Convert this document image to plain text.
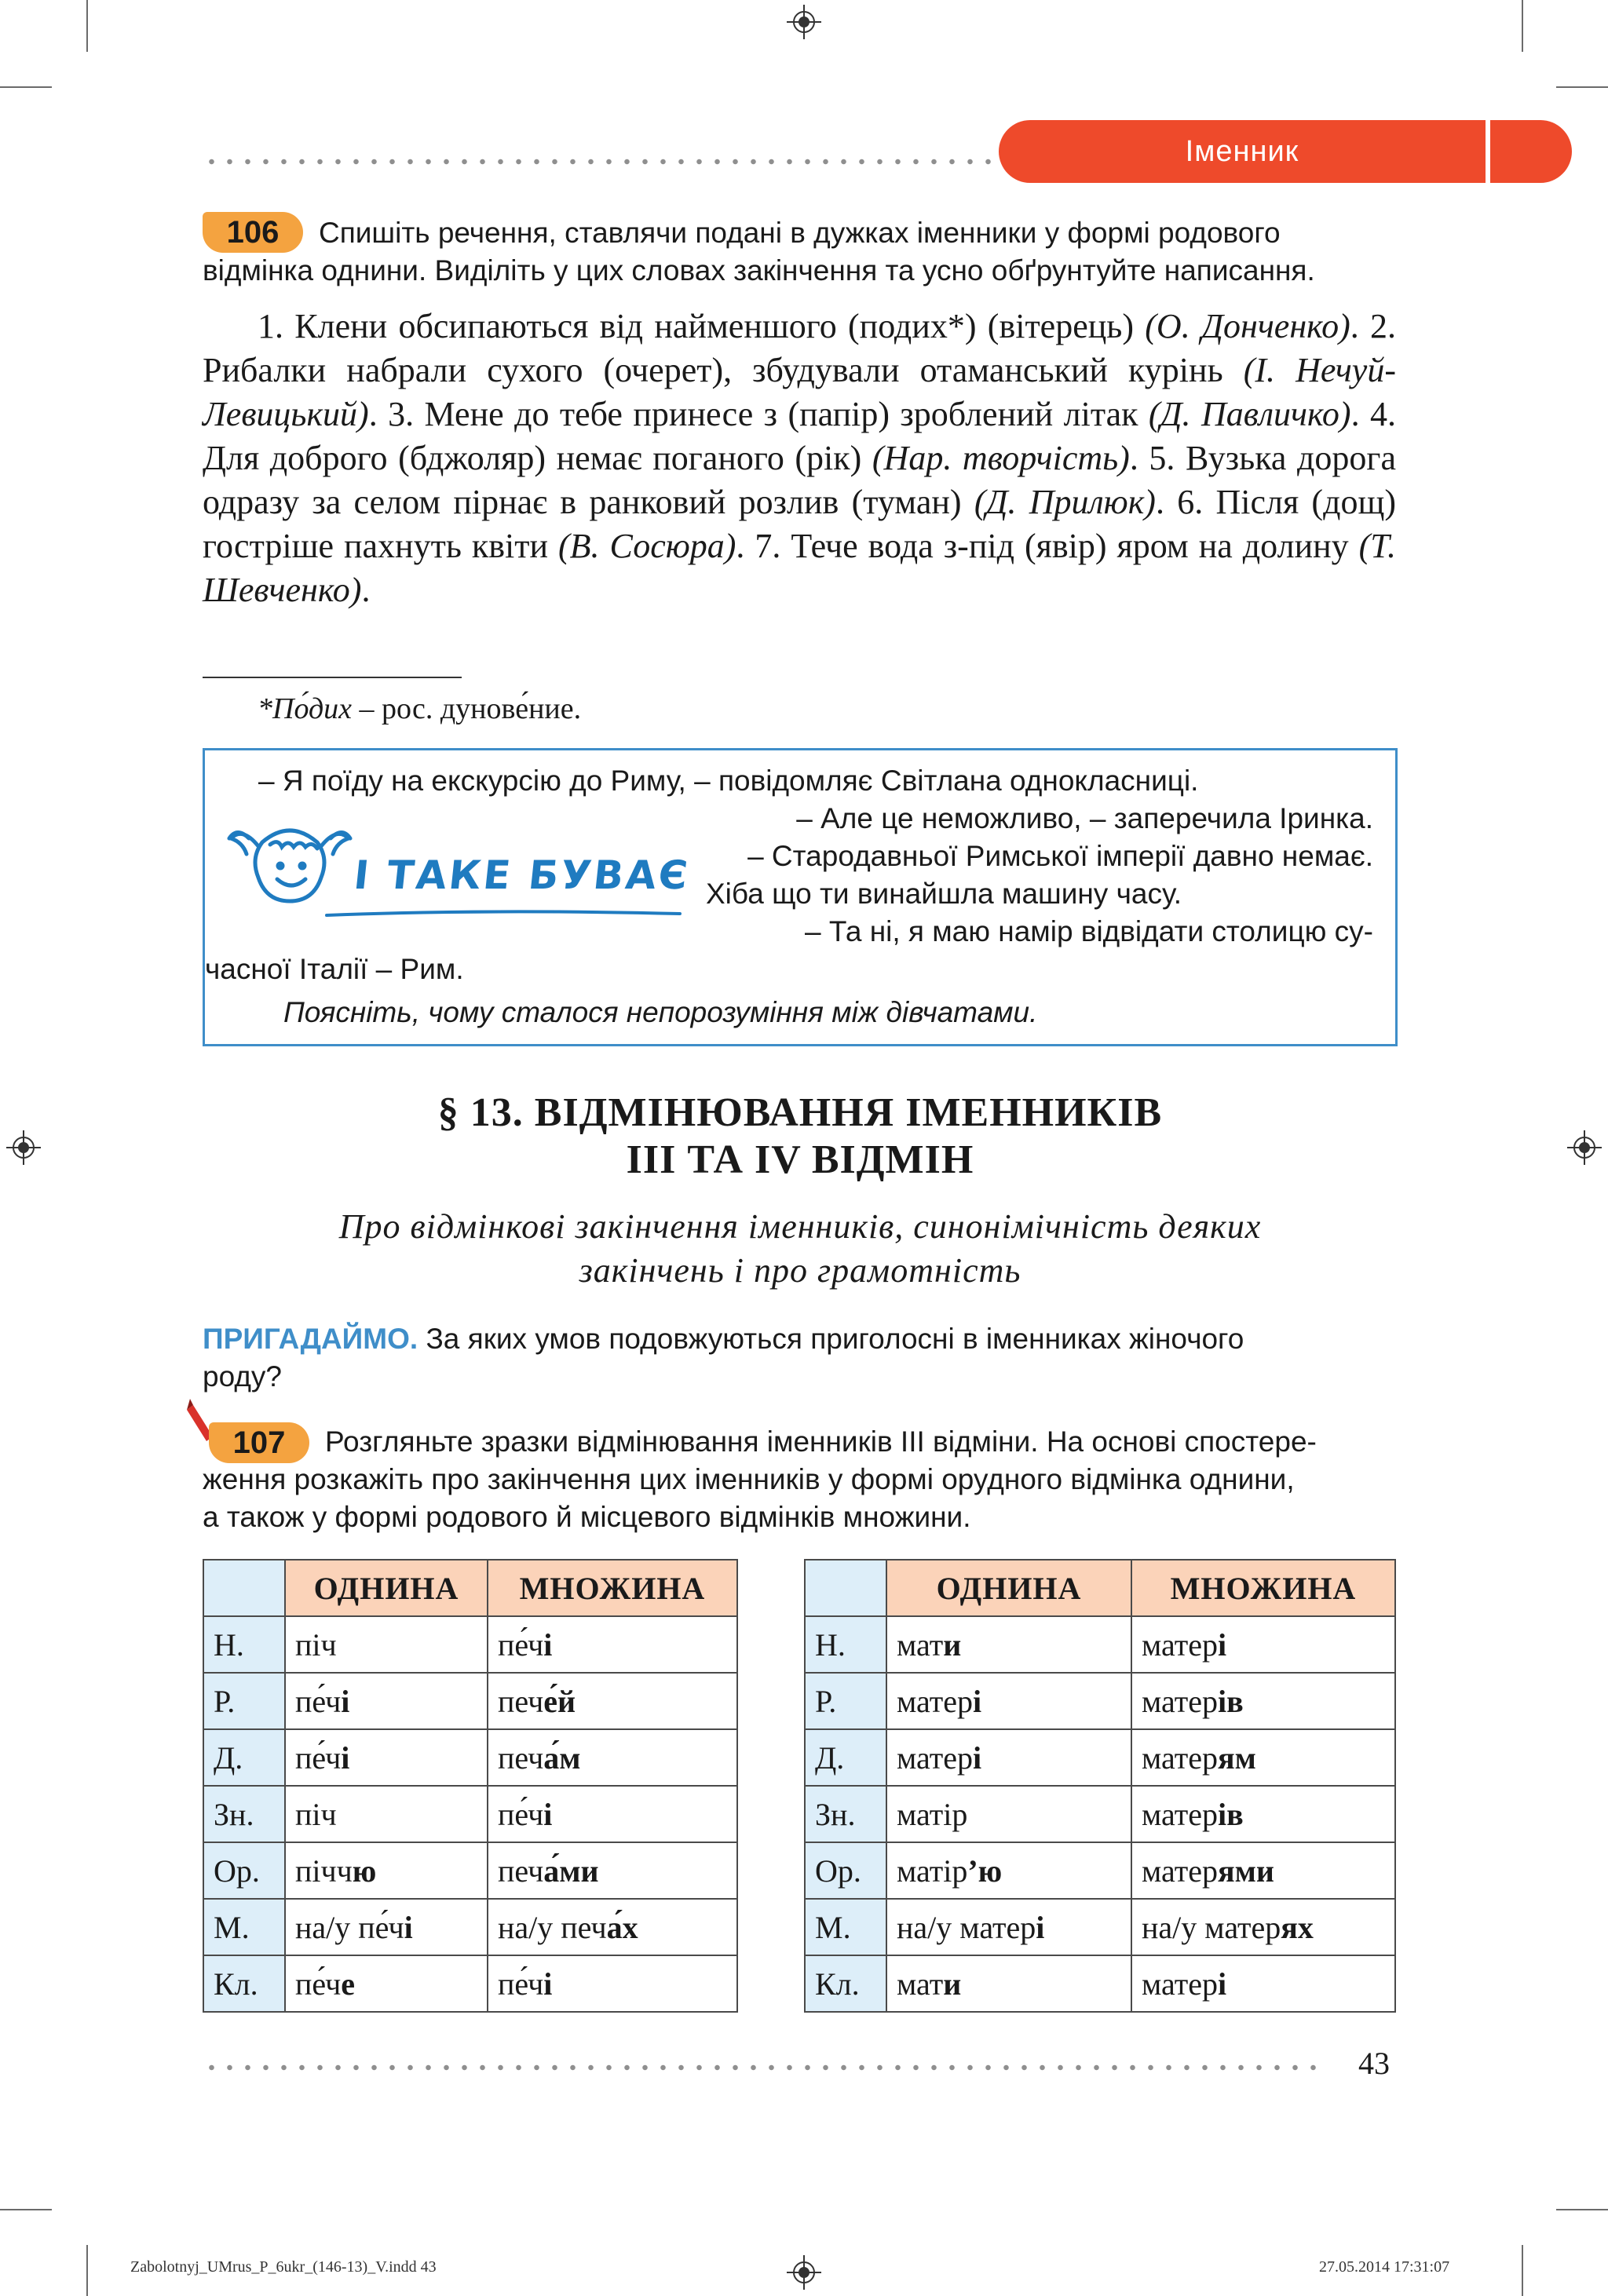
Іменник
106 Спишіть речення, ставлячи подані в дужках іменники у формі родового
відмінка однини. Виділіть у цих словах закінчення та усно обґрунтуйте написання.

1. Клени обсипаються від найменшого (подих*) (вітерець) (О. Донченко). 2. Рибалки набрали сухого (очерет), збудували отаманський курінь (І. Нечуй-Левицький). 3. Мене до тебе принесе з (папір) зроблений літак (Д. Павличко). 4. Для доброго (бджоляр) немає поганого (рік) (Нар. творчість). 5. Вузька дорога одразу за селом пірнає в ранковий розлив (туман) (Д. Прилюк). 6. Після (дощ) гостріше пахнуть квіти (В. Сосюра). 7. Тече вода з-під (явір) яром на долину (Т. Шевченко).

*По́дих – рос. дунове́ние.
І ТАКЕ БУВАЄ
– Я поїду на екскурсію до Риму, – повідомляє Світлана однокласниці.
– Але це неможливо, – заперечила Іринка.
– Стародавньої Римської імперії давно немає.
Хіба що ти винайшла машину часу.
– Та ні, я маю намір відвідати столицю су-
часної Італії – Рим.
Поясніть, чому сталося непорозуміння між дівчатами.
§ 13. ВІДМІНЮВАННЯ ІМЕННИКІВ
ІІІ ТА IV ВІДМІН
Про відмінкові закінчення іменників, синонімічність деяких
закінчень і про грамотність
ПРИГАДАЙМО. За яких умов подовжуються приголосні в іменниках жіночого
роду?
107 Розгляньте зразки відмінювання іменників ІІІ відміни. На основі спостере-
ження розкажіть про закінчення цих іменників у формі орудного відмінка однини,
а також у формі родового й місцевого відмінків множини.
	ОДНИНА	МНОЖИНА
Н.	піч	пе́чі
Р.	пе́чі	пече́й
Д.	пе́чі	печа́м
Зн.	піч	пе́чі
Ор.	піччю	печа́ми
М.	на/у пе́чі	на/у печа́х
Кл.	пе́че	пе́чі
	ОДНИНА	МНОЖИНА
Н.	мати	матері
Р.	матері	матерів
Д.	матері	матерям
Зн.	матір	матерів
Ор.	матір’ю	матерями
М.	на/у матері	на/у матерях
Кл.	мати	матері
43
Zabolotnyj_UMrus_P_6ukr_(146-13)_V.indd 43	27.05.2014 17:31:07
